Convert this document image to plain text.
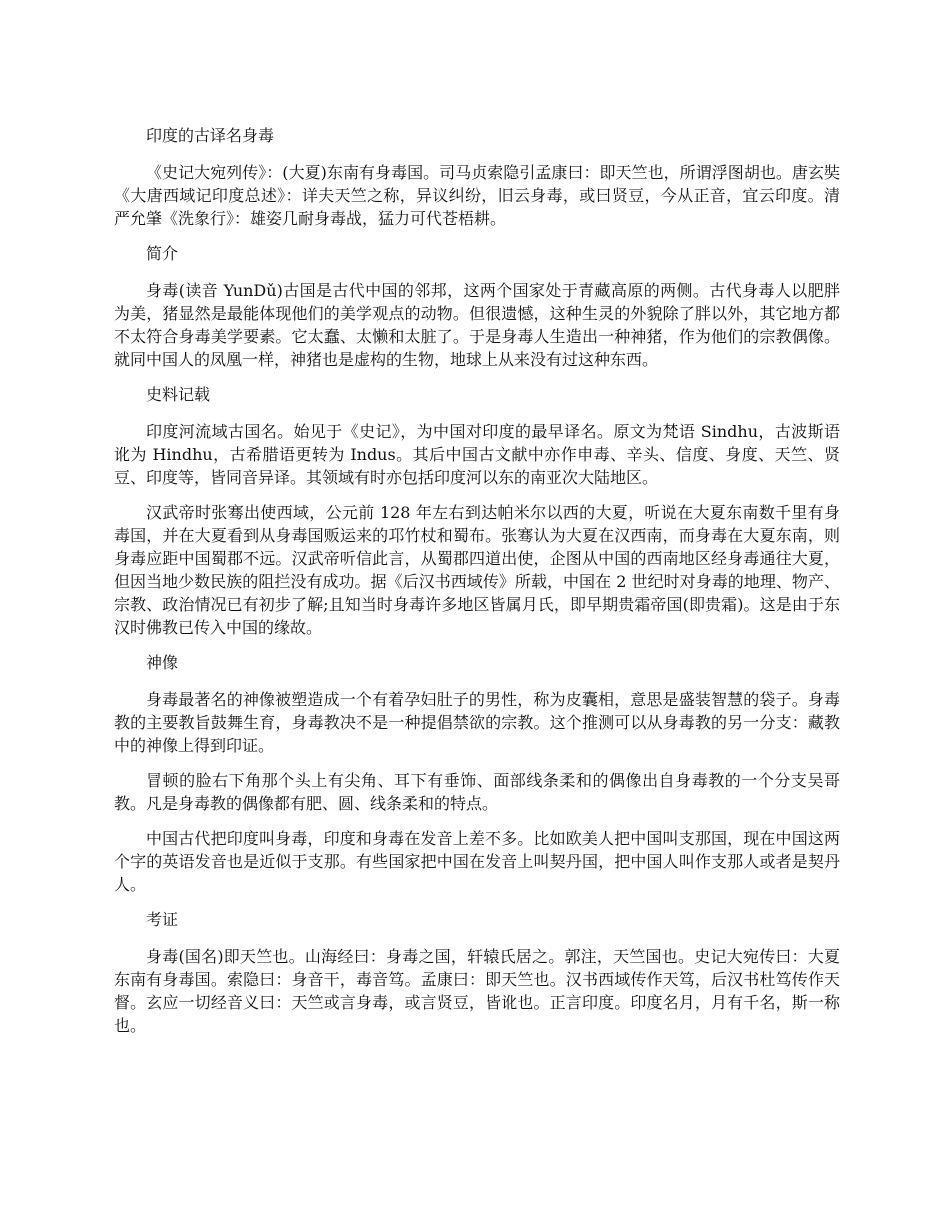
印度的古译名身毒

《史记大宛列传》：(大夏)东南有身毒国。司马贞索隐引孟康曰：即天竺也，所谓浮图胡也。唐玄奘《大唐西域记印度总述》：详夫天竺之称，异议纠纷，旧云身毒，或曰贤豆，今从正音，宜云印度。清严允肇《洗象行》：雄姿几耐身毒战，猛力可代苍梧耕。

简介

身毒(读音 YunDǔ)古国是古代中国的邻邦，这两个国家处于青藏高原的两侧。古代身毒人以肥胖为美，猪显然是最能体现他们的美学观点的动物。但很遗憾，这种生灵的外貌除了胖以外，其它地方都不太符合身毒美学要素。它太蠢、太懒和太脏了。于是身毒人生造出一种神猪，作为他们的宗教偶像。就同中国人的凤凰一样，神猪也是虚构的生物，地球上从来没有过这种东西。

史料记载

印度河流域古国名。始见于《史记》，为中国对印度的最早译名。原文为梵语 Sindhu，古波斯语讹为 Hindhu，古希腊语更转为 Indus。其后中国古文献中亦作申毒、辛头、信度、身度、天竺、贤豆、印度等，皆同音异译。其领域有时亦包括印度河以东的南亚次大陆地区。

汉武帝时张骞出使西域，公元前 128 年左右到达帕米尔以西的大夏，听说在大夏东南数千里有身毒国，并在大夏看到从身毒国贩运来的邛竹杖和蜀布。张骞认为大夏在汉西南，而身毒在大夏东南，则身毒应距中国蜀郡不远。汉武帝听信此言，从蜀郡四道出使，企图从中国的西南地区经身毒通往大夏，但因当地少数民族的阻拦没有成功。据《后汉书西域传》所载，中国在 2 世纪时对身毒的地理、物产、宗教、政治情况已有初步了解;且知当时身毒许多地区皆属月氏，即早期贵霜帝国(即贵霜)。这是由于东汉时佛教已传入中国的缘故。

神像

身毒最著名的神像被塑造成一个有着孕妇肚子的男性，称为皮囊相，意思是盛装智慧的袋子。身毒教的主要教旨鼓舞生育，身毒教决不是一种提倡禁欲的宗教。这个推测可以从身毒教的另一分支：藏教中的神像上得到印证。

冒顿的脸右下角那个头上有尖角、耳下有垂饰、面部线条柔和的偶像出自身毒教的一个分支吴哥教。凡是身毒教的偶像都有肥、圆、线条柔和的特点。

中国古代把印度叫身毒，印度和身毒在发音上差不多。比如欧美人把中国叫支那国，现在中国这两个字的英语发音也是近似于支那。有些国家把中国在发音上叫契丹国，把中国人叫作支那人或者是契丹人。

考证

身毒(国名)即天竺也。山海经曰：身毒之国，轩辕氏居之。郭注，天竺国也。史记大宛传曰：大夏东南有身毒国。索隐曰：身音干，毒音笃。孟康曰：即天竺也。汉书西域传作天笃，后汉书杜笃传作天督。玄应一切经音义曰：天竺或言身毒，或言贤豆，皆讹也。正言印度。印度名月，月有千名，斯一称也。
